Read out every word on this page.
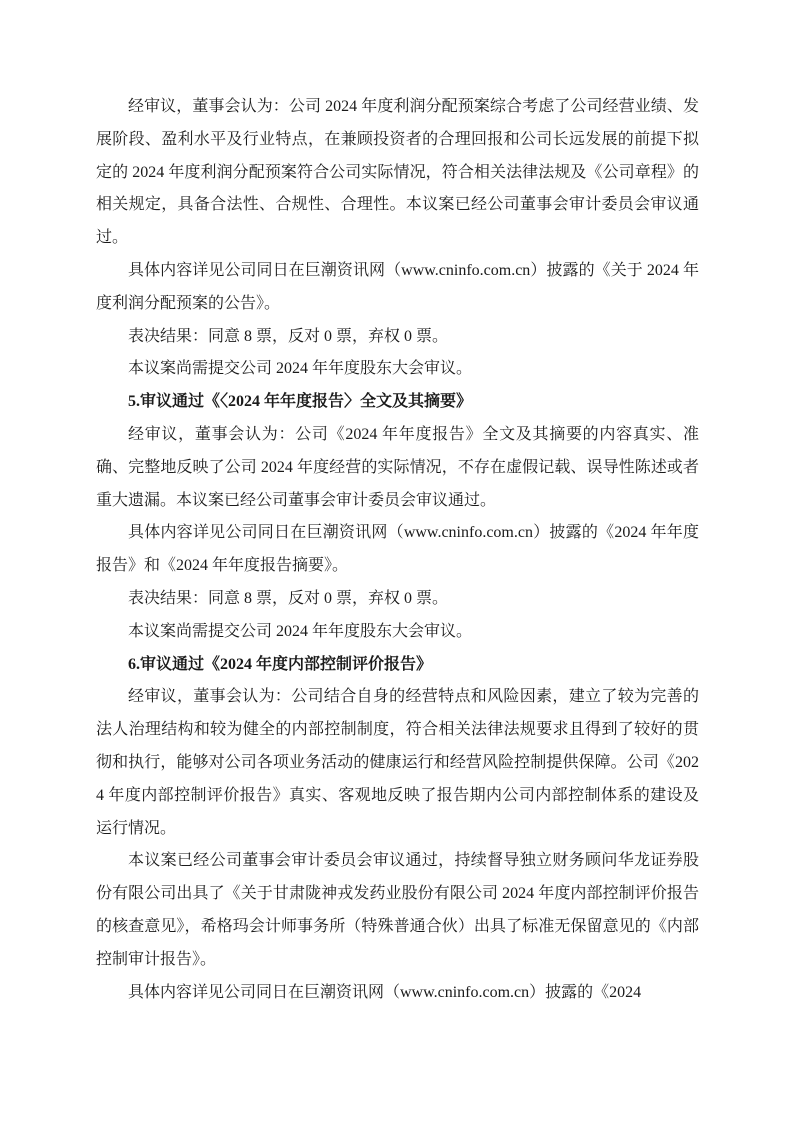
经审议，董事会认为：公司 2024 年度利润分配预案综合考虑了公司经营业绩、发展阶段、盈利水平及行业特点，在兼顾投资者的合理回报和公司长远发展的前提下拟定的 2024 年度利润分配预案符合公司实际情况，符合相关法律法规及《公司章程》的相关规定，具备合法性、合规性、合理性。本议案已经公司董事会审计委员会审议通过。

具体内容详见公司同日在巨潮资讯网（www.cninfo.com.cn）披露的《关于 2024 年度利润分配预案的公告》。

表决结果：同意 8 票，反对 0 票，弃权 0 票。

本议案尚需提交公司 2024 年年度股东大会审议。

5.审议通过《〈2024 年年度报告〉全文及其摘要》

经审议，董事会认为：公司《2024 年年度报告》全文及其摘要的内容真实、准确、完整地反映了公司 2024 年度经营的实际情况，不存在虚假记载、误导性陈述或者重大遗漏。本议案已经公司董事会审计委员会审议通过。

具体内容详见公司同日在巨潮资讯网（www.cninfo.com.cn）披露的《2024 年年度报告》和《2024 年年度报告摘要》。

表决结果：同意 8 票，反对 0 票，弃权 0 票。

本议案尚需提交公司 2024 年年度股东大会审议。

6.审议通过《2024 年度内部控制评价报告》

经审议，董事会认为：公司结合自身的经营特点和风险因素，建立了较为完善的法人治理结构和较为健全的内部控制制度，符合相关法律法规要求且得到了较好的贯彻和执行，能够对公司各项业务活动的健康运行和经营风险控制提供保障。公司《2024 年度内部控制评价报告》真实、客观地反映了报告期内公司内部控制体系的建设及运行情况。

本议案已经公司董事会审计委员会审议通过，持续督导独立财务顾问华龙证券股份有限公司出具了《关于甘肃陇神戎发药业股份有限公司 2024 年度内部控制评价报告的核查意见》，希格玛会计师事务所（特殊普通合伙）出具了标准无保留意见的《内部控制审计报告》。

具体内容详见公司同日在巨潮资讯网（www.cninfo.com.cn）披露的《2024
